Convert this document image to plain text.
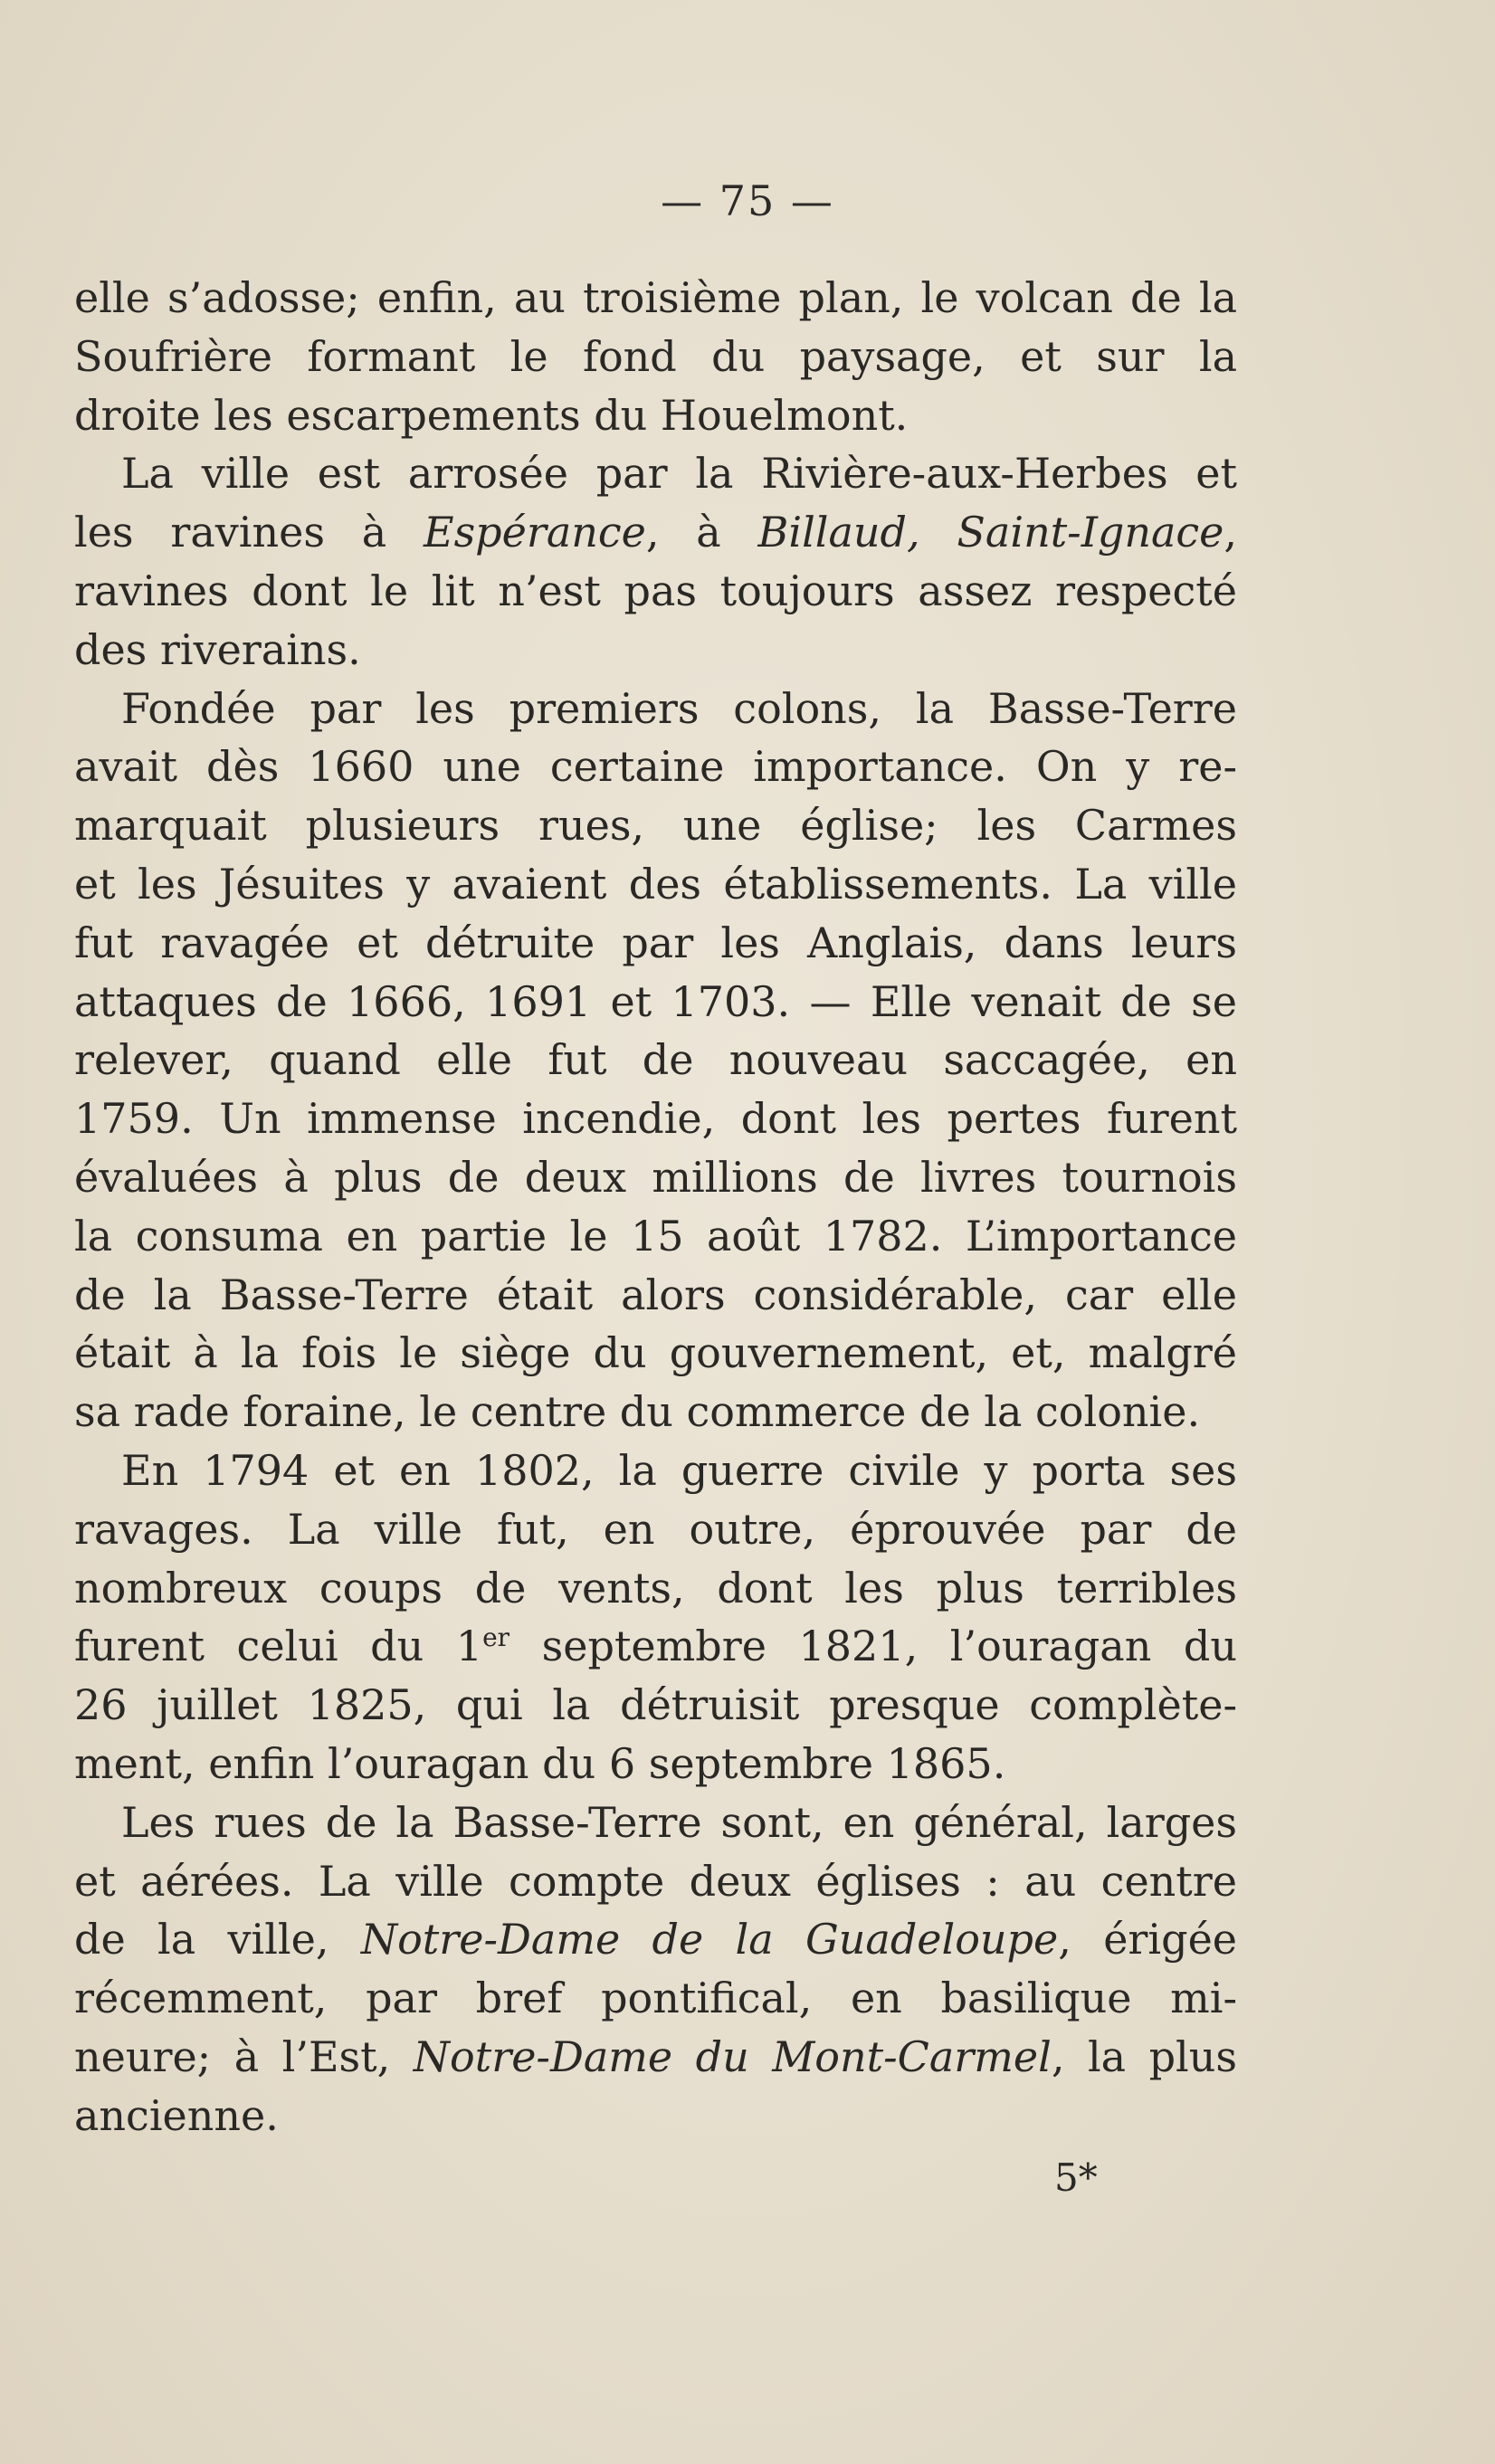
— 75 —
elle s’adosse; enfin, au troisième plan, le volcan de la
Soufrière formant le fond du paysage, et sur la
droite les escarpements du Houelmont.
La ville est arrosée par la Rivière-aux-Herbes et
les ravines à Espérance, à Billaud, Saint-Ignace,
ravines dont le lit n’est pas toujours assez respecté
des riverains.
Fondée par les premiers colons, la Basse-Terre
avait dès 1660 une certaine importance. On y re-
marquait plusieurs rues, une église; les Carmes
et les Jésuites y avaient des établissements. La ville
fut ravagée et détruite par les Anglais, dans leurs
attaques de 1666, 1691 et 1703. — Elle venait de se
relever, quand elle fut de nouveau saccagée, en
1759. Un immense incendie, dont les pertes furent
évaluées à plus de deux millions de livres tournois
la consuma en partie le 15 août 1782. L’importance
de la Basse-Terre était alors considérable, car elle
était à la fois le siège du gouvernement, et, malgré
sa rade foraine, le centre du commerce de la colonie.
En 1794 et en 1802, la guerre civile y porta ses
ravages. La ville fut, en outre, éprouvée par de
nombreux coups de vents, dont les plus terribles
furent celui du 1er septembre 1821, l’ouragan du
26 juillet 1825, qui la détruisit presque complète-
ment, enfin l’ouragan du 6 septembre 1865.
Les rues de la Basse-Terre sont, en général, larges
et aérées. La ville compte deux églises : au centre
de la ville, Notre-Dame de la Guadeloupe, érigée
récemment, par bref pontifical, en basilique mi-
neure; à l’Est, Notre-Dame du Mont-Carmel, la plus
ancienne.
5*
